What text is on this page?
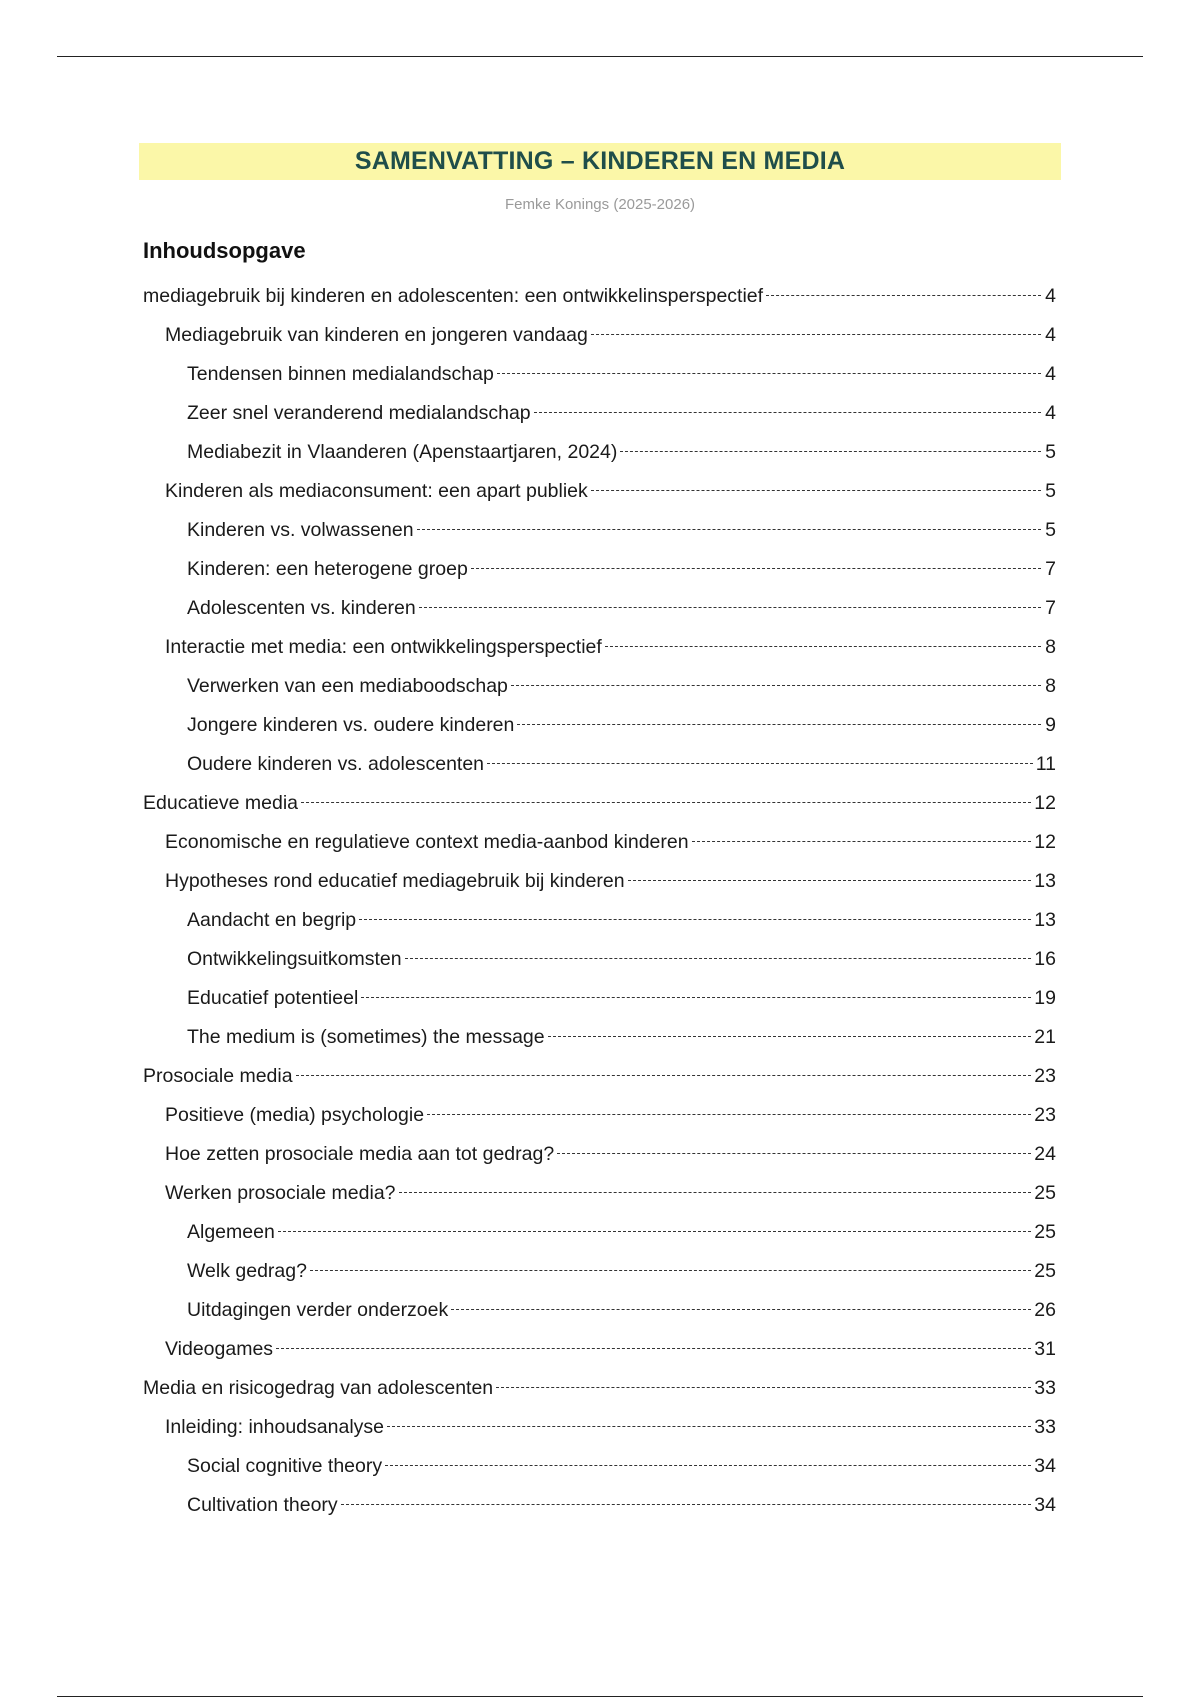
SAMENVATTING – KINDEREN EN MEDIA
Femke Konings (2025-2026)
Inhoudsopgave
mediagebruik bij kinderen en adolescenten: een ontwikkelinsperspectief	4
Mediagebruik van kinderen en jongeren vandaag	4
Tendensen binnen medialandschap	4
Zeer snel veranderend medialandschap	4
Mediabezit in Vlaanderen (Apenstaartjaren, 2024)	5
Kinderen als mediaconsument: een apart publiek	5
Kinderen vs. volwassenen	5
Kinderen: een heterogene groep	7
Adolescenten vs. kinderen	7
Interactie met media: een ontwikkelingsperspectief	8
Verwerken van een mediaboodschap	8
Jongere kinderen vs. oudere kinderen	9
Oudere kinderen vs. adolescenten	11
Educatieve media	12
Economische en regulatieve context media-aanbod kinderen	12
Hypotheses rond educatief mediagebruik bij kinderen	13
Aandacht en begrip	13
Ontwikkelingsuitkomsten	16
Educatief potentieel	19
The medium is (sometimes) the message	21
Prosociale media	23
Positieve (media) psychologie	23
Hoe zetten prosociale media aan tot gedrag?	24
Werken prosociale media?	25
Algemeen	25
Welk gedrag?	25
Uitdagingen verder onderzoek	26
Videogames	31
Media en risicogedrag van adolescenten	33
Inleiding: inhoudsanalyse	33
Social cognitive theory	34
Cultivation theory	34
